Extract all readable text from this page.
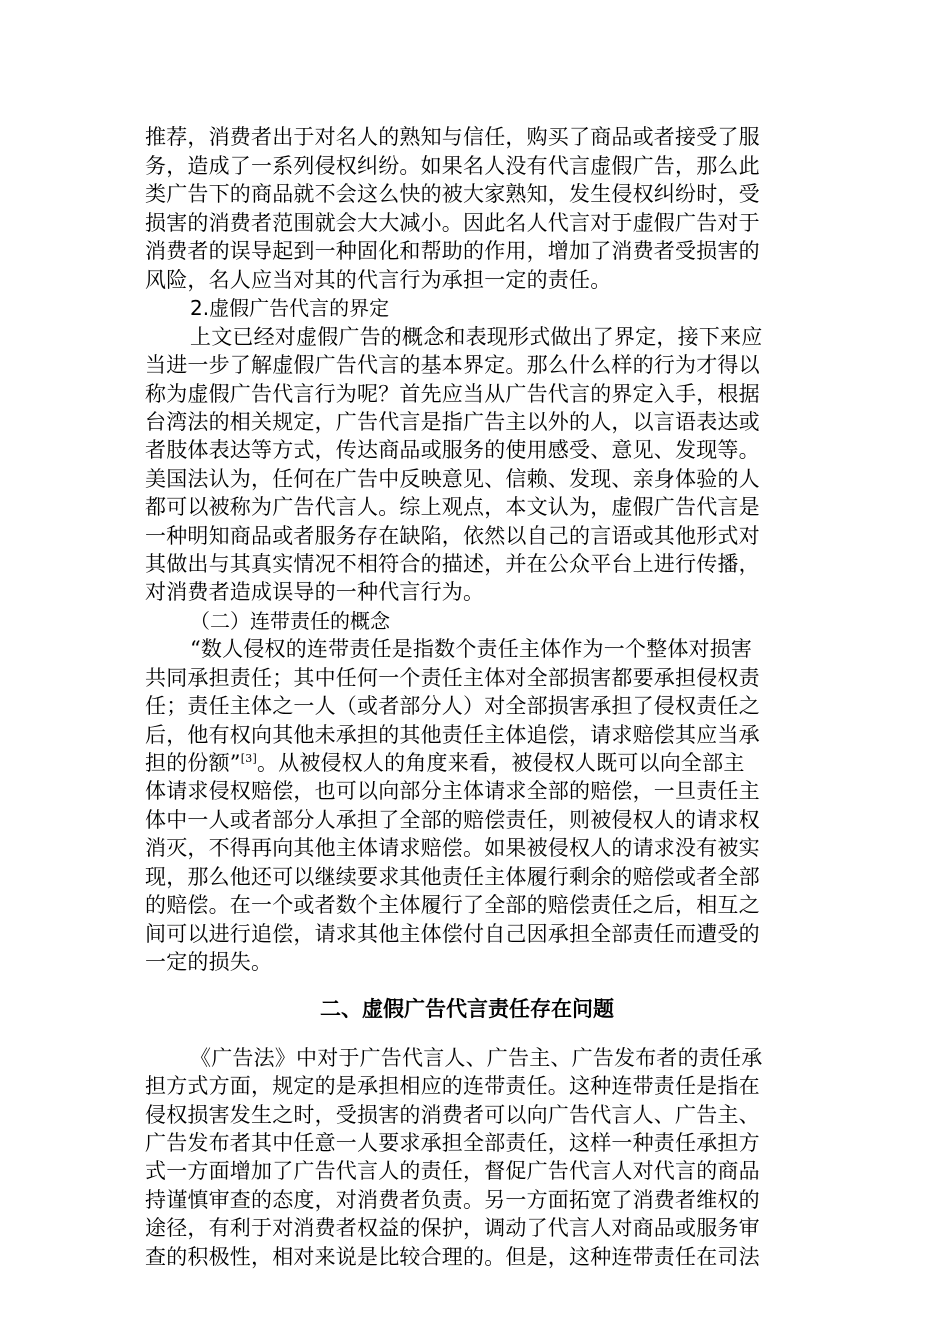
推荐，消费者出于对名人的熟知与信任，购买了商品或者接受了服
务，造成了一系列侵权纠纷。如果名人没有代言虚假广告，那么此
类广告下的商品就不会这么快的被大家熟知，发生侵权纠纷时，受
损害的消费者范围就会大大减小。因此名人代言对于虚假广告对于
消费者的误导起到一种固化和帮助的作用，增加了消费者受损害的
风险，名人应当对其的代言行为承担一定的责任。
2.虚假广告代言的界定
上文已经对虚假广告的概念和表现形式做出了界定，接下来应
当进一步了解虚假广告代言的基本界定。那么什么样的行为才得以
称为虚假广告代言行为呢？首先应当从广告代言的界定入手，根据
台湾法的相关规定，广告代言是指广告主以外的人，以言语表达或
者肢体表达等方式，传达商品或服务的使用感受、意见、发现等。
美国法认为，任何在广告中反映意见、信赖、发现、亲身体验的人
都可以被称为广告代言人。综上观点，本文认为，虚假广告代言是
一种明知商品或者服务存在缺陷，依然以自己的言语或其他形式对
其做出与其真实情况不相符合的描述，并在公众平台上进行传播，
对消费者造成误导的一种代言行为。
（二）连带责任的概念
“数人侵权的连带责任是指数个责任主体作为一个整体对损害
共同承担责任；其中任何一个责任主体对全部损害都要承担侵权责
任；责任主体之一人（或者部分人）对全部损害承担了侵权责任之
后，他有权向其他未承担的其他责任主体追偿，请求赔偿其应当承
担的份额”[3]。从被侵权人的角度来看，被侵权人既可以向全部主
体请求侵权赔偿，也可以向部分主体请求全部的赔偿，一旦责任主
体中一人或者部分人承担了全部的赔偿责任，则被侵权人的请求权
消灭，不得再向其他主体请求赔偿。如果被侵权人的请求没有被实
现，那么他还可以继续要求其他责任主体履行剩余的赔偿或者全部
的赔偿。在一个或者数个主体履行了全部的赔偿责任之后，相互之
间可以进行追偿，请求其他主体偿付自己因承担全部责任而遭受的
一定的损失。
二、虚假广告代言责任存在问题
《广告法》中对于广告代言人、广告主、广告发布者的责任承
担方式方面，规定的是承担相应的连带责任。这种连带责任是指在
侵权损害发生之时，受损害的消费者可以向广告代言人、广告主、
广告发布者其中任意一人要求承担全部责任，这样一种责任承担方
式一方面增加了广告代言人的责任，督促广告代言人对代言的商品
持谨慎审查的态度，对消费者负责。另一方面拓宽了消费者维权的
途径，有利于对消费者权益的保护，调动了代言人对商品或服务审
查的积极性，相对来说是比较合理的。但是，这种连带责任在司法
